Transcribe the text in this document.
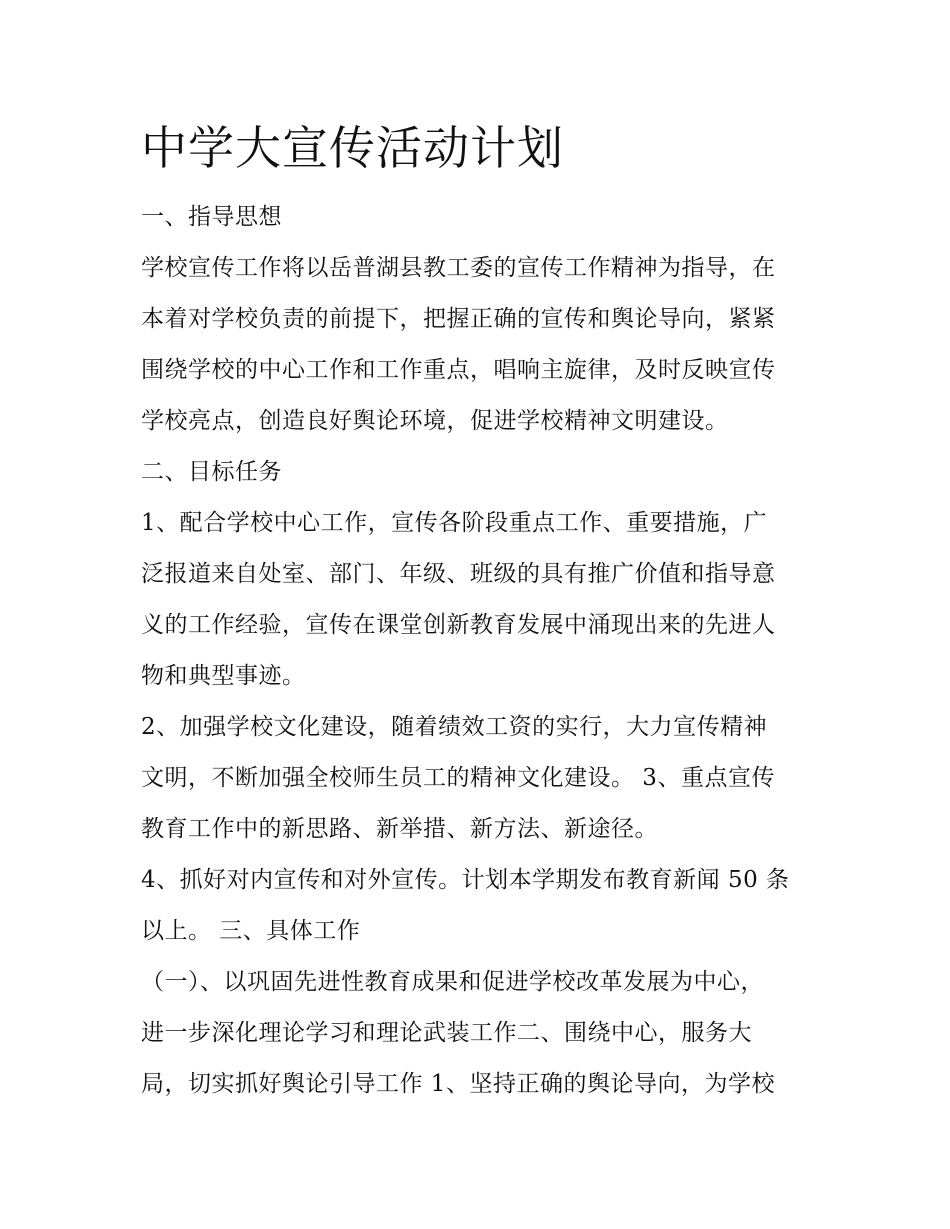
中学大宣传活动计划
一、指导思想
学校宣传工作将以岳普湖县教工委的宣传工作精神为指导，在
本着对学校负责的前提下，把握正确的宣传和舆论导向，紧紧
围绕学校的中心工作和工作重点，唱响主旋律，及时反映宣传
学校亮点，创造良好舆论环境，促进学校精神文明建设。
二、目标任务
1、配合学校中心工作，宣传各阶段重点工作、重要措施，广
泛报道来自处室、部门、年级、班级的具有推广价值和指导意
义的工作经验，宣传在课堂创新教育发展中涌现出来的先进人
物和典型事迹。
2、加强学校文化建设，随着绩效工资的实行，大力宣传精神
文明，不断加强全校师生员工的精神文化建设。 3、重点宣传
教育工作中的新思路、新举措、新方法、新途径。
4、抓好对内宣传和对外宣传。计划本学期发布教育新闻 50 条
以上。 三、具体工作
（一）、以巩固先进性教育成果和促进学校改革发展为中心，
进一步深化理论学习和理论武装工作二、围绕中心，服务大
局，切实抓好舆论引导工作 1、坚持正确的舆论导向，为学校
